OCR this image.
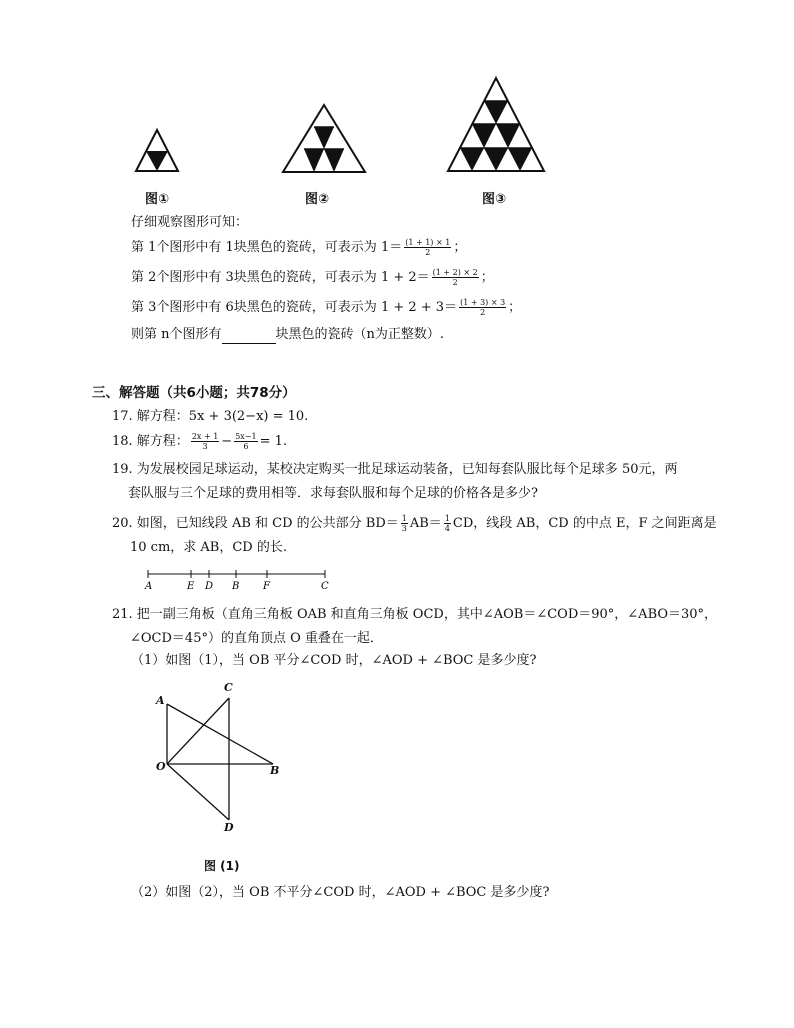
图①	图②	图③
仔细观察图形可知：
第 1个图形中有 1块黑色的瓷砖，可表示为 $1= \frac{(1 + 1) \times 1}{2}$ ；
第 2个图形中有 3块黑色的瓷砖，可表示为 $1 + 2= \frac{(1 + 2) \times 2}{2}$ ；
第 3个图形中有 6块黑色的瓷砖，可表示为 $1 + 2 + 3= \frac{(1 + 3) \times 3}{2}$ ；
则第 n个图形有	块黑色的瓷砖（n为正整数）.
三、解答题（共6小题；共78分）
17. 解方程：5x + 3(2−x) = 10.
18. 解方程： $\frac{2x + 1}{3} - \frac{5x-1}{6} = 1$.
19. 为发展校园足球运动，某校决定购买一批足球运动装备，已知每套队服比每个足球多 50元，两
套队服与三个足球的费用相等．求每套队服和每个足球的价格各是多少?
20. 如图，已知线段 AB 和 CD 的公共部分 $BD= \frac{1}{3} AB= \frac{1}{4}$ CD，线段 AB，CD 的中点 E，F 之间距离是
10 cm，求 AB，CD 的长.
A	E D B F	C
21. 把一副三角板（直角三角板 OAB 和直角三角板 OCD，其中∠AOB＝∠COD＝90°，∠ABO＝30°，
∠OCD＝45°）的直角顶点 O 重叠在一起．
（1）如图（1），当 OB 平分∠COD 时，∠AOD + ∠BOC 是多少度?
A
C
O	B
D
图 (1)
（2）如图（2），当 OB 不平分∠COD 时，∠AOD + ∠BOC 是多少度?
